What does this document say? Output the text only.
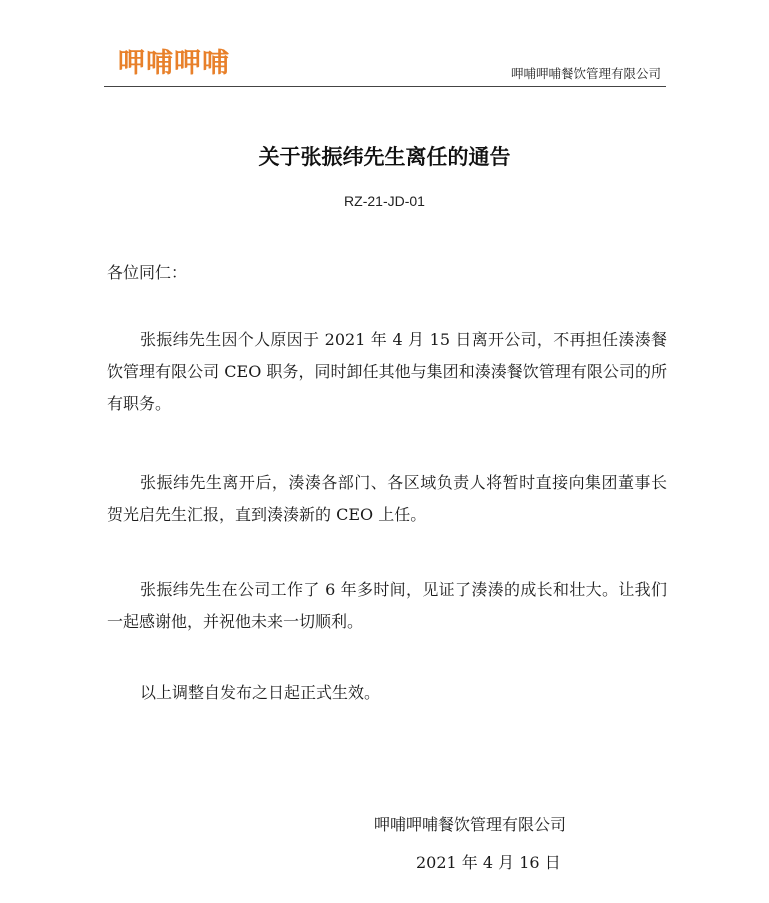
呷哺呷哺	呷哺呷哺餐饮管理有限公司
关于张振纬先生离任的通告
RZ-21-JD-01
各位同仁：

张振纬先生因个人原因于 2021 年 4 月 15 日离开公司，不再担任湊湊餐饮管理有限公司 CEO 职务，同时卸任其他与集团和湊湊餐饮管理有限公司的所有职务。

张振纬先生离开后，湊湊各部门、各区域负责人将暂时直接向集团董事长贺光启先生汇报，直到湊湊新的 CEO 上任。

张振纬先生在公司工作了 6 年多时间，见证了湊湊的成长和壮大。让我们一起感谢他，并祝他未来一切顺利。

以上调整自发布之日起正式生效。

呷哺呷哺餐饮管理有限公司
2021 年 4 月 16 日
